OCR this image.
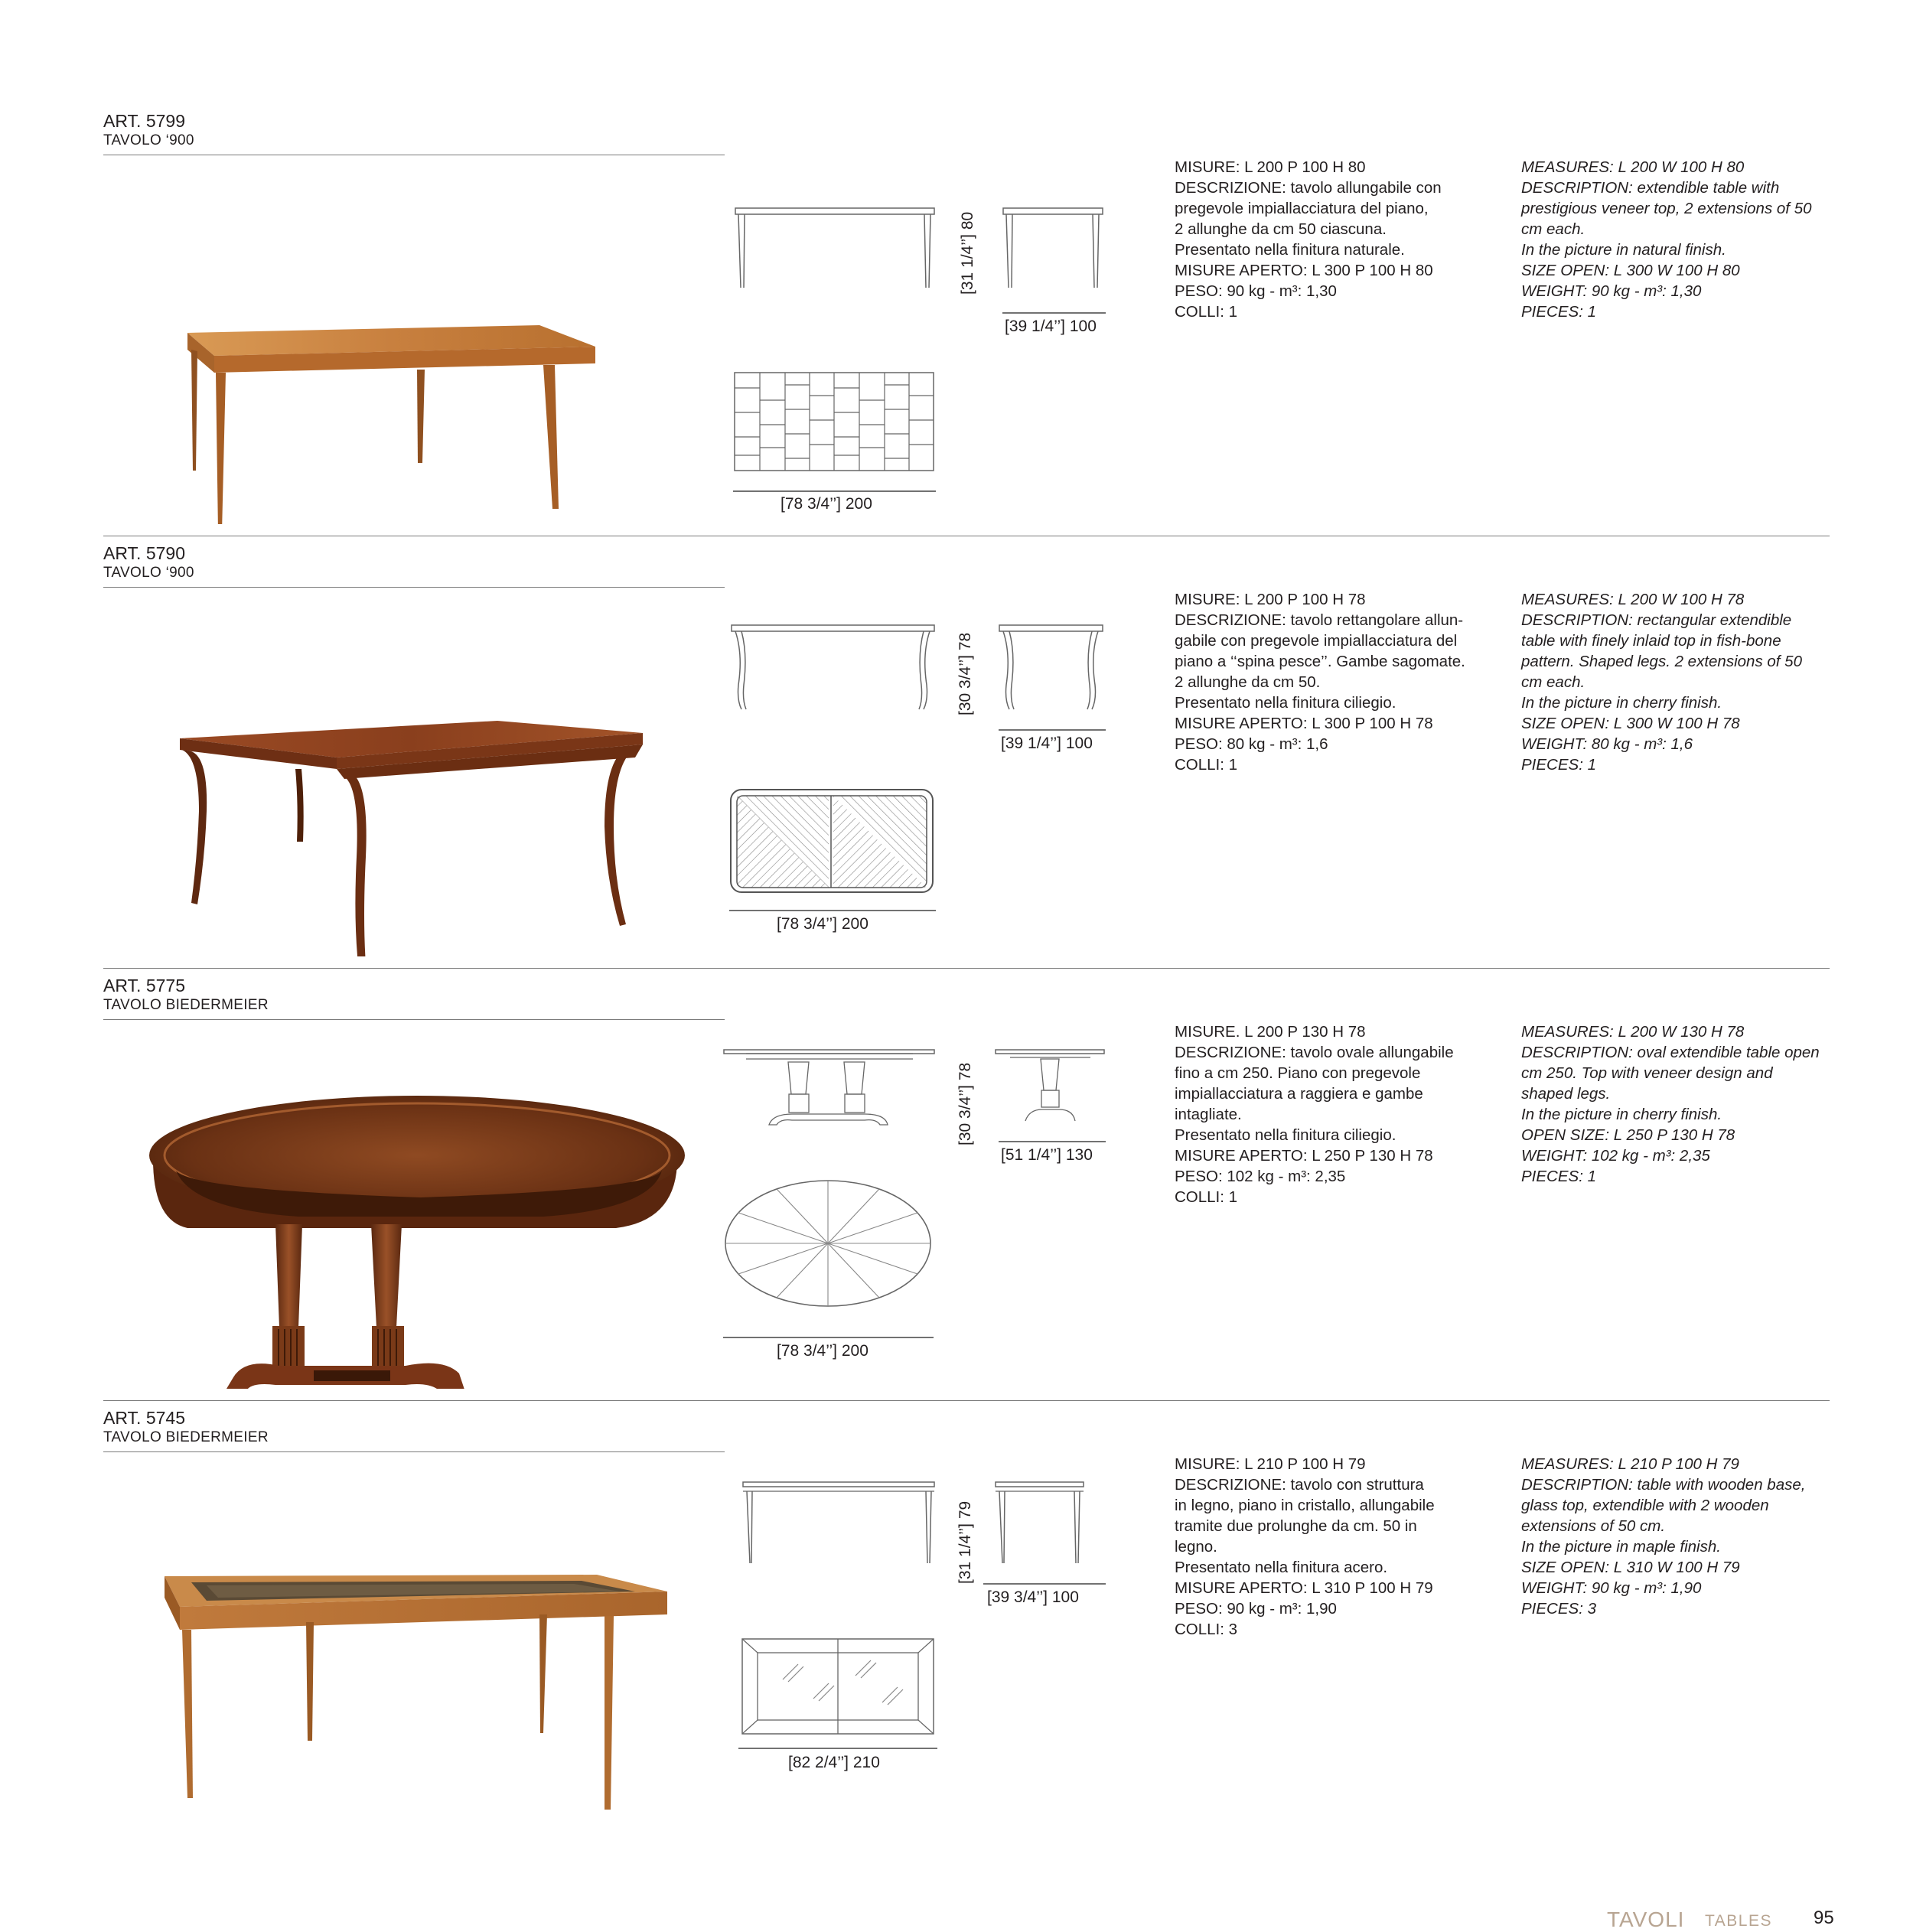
ART. 5799
TAVOLO ‘900
[31 1/4’’] 80
[39 1/4’’] 100
[78 3/4’’] 200
MISURE: L 200 P 100 H 80
DESCRIZIONE: tavolo allungabile con
pregevole impiallacciatura del piano,
2 allunghe da cm 50 ciascuna.
Presentato nella finitura naturale.
MISURE APERTO: L 300 P 100 H 80
PESO: 90 kg - m³: 1,30
COLLI: 1
MEASURES: L 200 W 100 H 80
DESCRIPTION: extendible table with
prestigious veneer top, 2 extensions of 50
cm each.
In the picture in natural finish.
SIZE OPEN: L 300 W 100 H 80
WEIGHT: 90 kg - m³: 1,30
PIECES: 1
ART. 5790
TAVOLO ‘900
[30 3/4’’] 78
[39 1/4’’] 100
[78 3/4’’] 200
MISURE: L 200 P 100 H 78
DESCRIZIONE: tavolo rettangolare allun-
gabile con pregevole impiallacciatura del
piano a ‘‘spina pesce’’. Gambe sagomate.
2 allunghe da cm 50.
Presentato nella finitura ciliegio.
MISURE APERTO: L 300 P 100 H 78
PESO: 80 kg - m³: 1,6
COLLI: 1
MEASURES: L 200 W 100 H 78
DESCRIPTION: rectangular extendible
table with finely inlaid top in fish-bone
pattern. Shaped legs. 2 extensions of 50
cm each.
In the picture in cherry finish.
SIZE OPEN: L 300 W 100 H 78
WEIGHT: 80 kg - m³: 1,6
PIECES: 1
ART. 5775
TAVOLO BIEDERMEIER
[30 3/4’’] 78
[51 1/4’’] 130
[78 3/4’’] 200
MISURE. L 200 P 130 H 78
DESCRIZIONE: tavolo ovale allungabile
fino a cm 250. Piano con pregevole
impiallacciatura a raggiera e gambe
intagliate.
Presentato nella finitura ciliegio.
MISURE APERTO: L 250 P 130 H 78
PESO: 102 kg - m³: 2,35
COLLI: 1
MEASURES: L 200 W 130 H 78
DESCRIPTION: oval extendible table open
cm 250. Top with veneer design and
shaped legs.
In the picture in cherry finish.
OPEN SIZE: L 250 P 130 H 78
WEIGHT: 102 kg - m³: 2,35
PIECES: 1
ART. 5745
TAVOLO BIEDERMEIER
[31 1/4’’] 79
[39 3/4’’] 100
[82 2/4’’] 210
MISURE: L 210 P 100 H 79
DESCRIZIONE: tavolo con struttura
in legno, piano in cristallo, allungabile
tramite due prolunghe da cm. 50 in
legno.
Presentato nella finitura acero.
MISURE APERTO: L 310 P 100 H 79
PESO: 90 kg - m³: 1,90
COLLI: 3
MEASURES: L 210 P 100 H 79
DESCRIPTION: table with wooden base,
glass top, extendible with 2 wooden
extensions of 50 cm.
In the picture in maple finish.
SIZE OPEN: L 310 W 100 H 79
WEIGHT: 90 kg - m³: 1,90
PIECES: 3
TAVOLI TABLES 95
